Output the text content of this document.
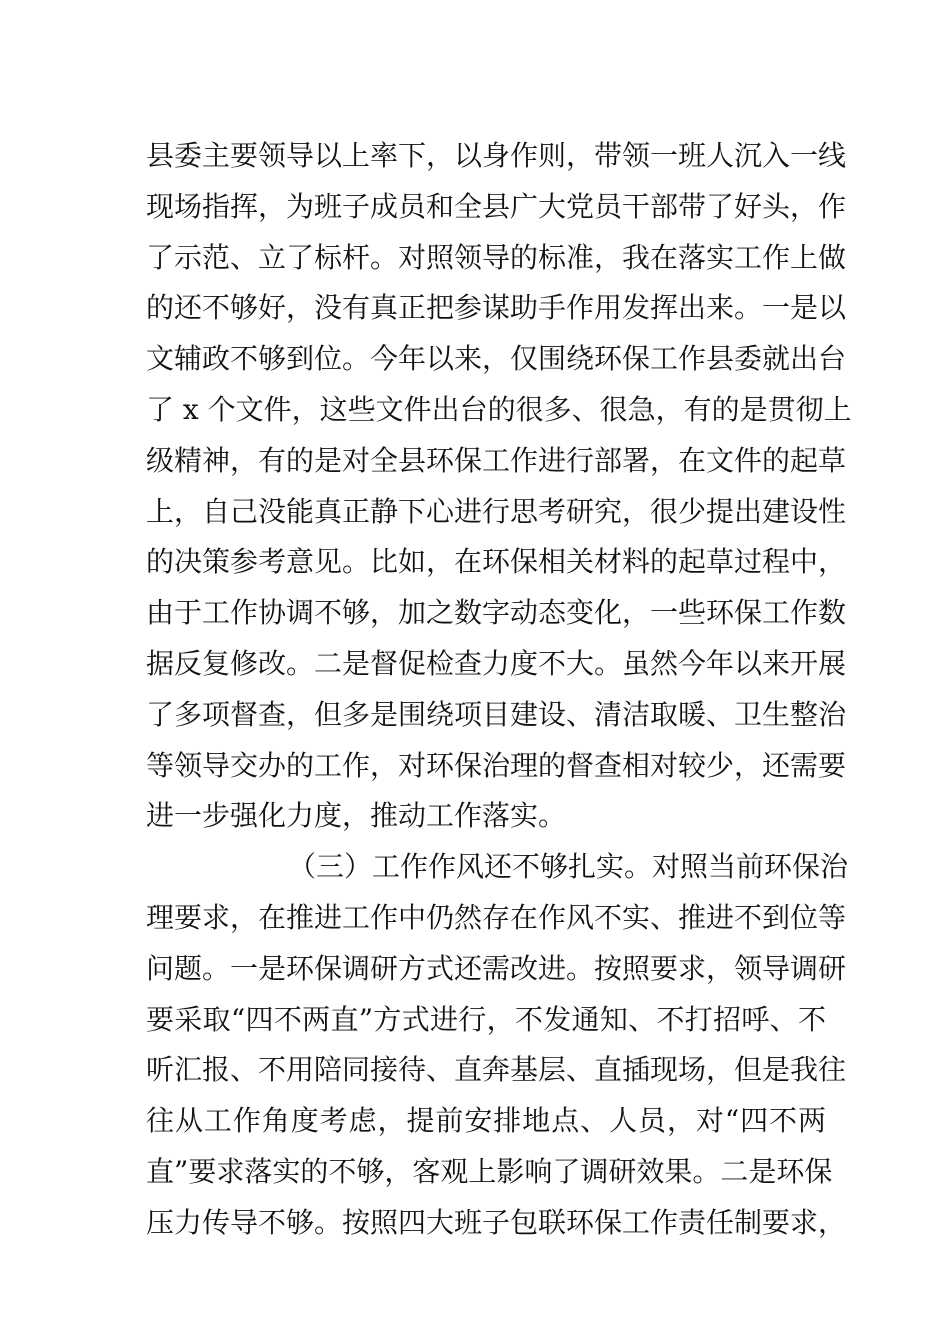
县委主要领导以上率下，以身作则，带领一班人沉入一线
现场指挥，为班子成员和全县广大党员干部带了好头，作
了示范、立了标杆。对照领导的标准，我在落实工作上做
的还不够好，没有真正把参谋助手作用发挥出来。一是以
文辅政不够到位。今年以来，仅围绕环保工作县委就出台
了 x 个文件，这些文件出台的很多、很急，有的是贯彻上
级精神，有的是对全县环保工作进行部署，在文件的起草
上，自己没能真正静下心进行思考研究，很少提出建设性
的决策参考意见。比如，在环保相关材料的起草过程中，
由于工作协调不够，加之数字动态变化，一些环保工作数
据反复修改。二是督促检查力度不大。虽然今年以来开展
了多项督查，但多是围绕项目建设、清洁取暖、卫生整治
等领导交办的工作，对环保治理的督查相对较少，还需要
进一步强化力度，推动工作落实。
（三）工作作风还不够扎实。对照当前环保治
理要求，在推进工作中仍然存在作风不实、推进不到位等
问题。一是环保调研方式还需改进。按照要求，领导调研
要采取“四不两直”方式进行，不发通知、不打招呼、不
听汇报、不用陪同接待、直奔基层、直插现场，但是我往
往从工作角度考虑，提前安排地点、人员，对“四不两
直”要求落实的不够，客观上影响了调研效果。二是环保
压力传导不够。按照四大班子包联环保工作责任制要求，
